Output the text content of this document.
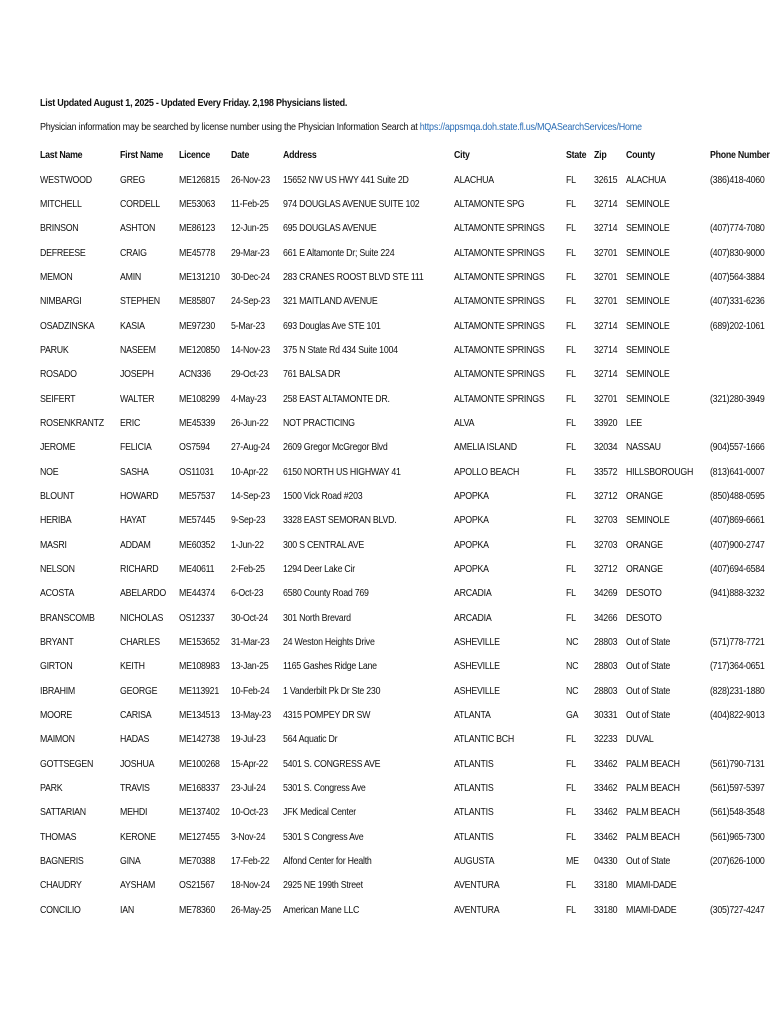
List Updated August 1, 2025 - Updated Every Friday. 2,198 Physicians listed.
Physician information may be searched by license number using the Physician Information Search at https://appsmqa.doh.state.fl.us/MQASearchServices/Home
Last Name	First Name	Licence	Date	Address	City	State	Zip	County	Phone Number
WESTWOOD	GREG	ME126815	26-Nov-23	15652 NW US HWY 441 Suite 2D	ALACHUA	FL	32615	ALACHUA	(386)418-4060
MITCHELL	CORDELL	ME53063	11-Feb-25	974 DOUGLAS AVENUE SUITE 102	ALTAMONTE SPG	FL	32714	SEMINOLE	
BRINSON	ASHTON	ME86123	12-Jun-25	695 DOUGLAS AVENUE	ALTAMONTE SPRINGS	FL	32714	SEMINOLE	(407)774-7080
DEFREESE	CRAIG	ME45778	29-Mar-23	661 E Altamonte Dr; Suite 224	ALTAMONTE SPRINGS	FL	32701	SEMINOLE	(407)830-9000
MEMON	AMIN	ME131210	30-Dec-24	283 CRANES ROOST BLVD STE 111	ALTAMONTE SPRINGS	FL	32701	SEMINOLE	(407)564-3884
NIMBARGI	STEPHEN	ME85807	24-Sep-23	321 MAITLAND AVENUE	ALTAMONTE SPRINGS	FL	32701	SEMINOLE	(407)331-6236
OSADZINSKA	KASIA	ME97230	5-Mar-23	693 Douglas Ave STE 101	ALTAMONTE SPRINGS	FL	32714	SEMINOLE	(689)202-1061
PARUK	NASEEM	ME120850	14-Nov-23	375 N State Rd 434 Suite 1004	ALTAMONTE SPRINGS	FL	32714	SEMINOLE	
ROSADO	JOSEPH	ACN336	29-Oct-23	761 BALSA DR	ALTAMONTE SPRINGS	FL	32714	SEMINOLE	
SEIFERT	WALTER	ME108299	4-May-23	258 EAST ALTAMONTE DR.	ALTAMONTE SPRINGS	FL	32701	SEMINOLE	(321)280-3949
ROSENKRANTZ	ERIC	ME45339	26-Jun-22	NOT PRACTICING	ALVA	FL	33920	LEE	
JEROME	FELICIA	OS7594	27-Aug-24	2609 Gregor McGregor Blvd	AMELIA ISLAND	FL	32034	NASSAU	(904)557-1666
NOE	SASHA	OS11031	10-Apr-22	6150 NORTH US HIGHWAY 41	APOLLO BEACH	FL	33572	HILLSBOROUGH	(813)641-0007
BLOUNT	HOWARD	ME57537	14-Sep-23	1500 Vick Road #203	APOPKA	FL	32712	ORANGE	(850)488-0595
HERIBA	HAYAT	ME57445	9-Sep-23	3328 EAST SEMORAN BLVD.	APOPKA	FL	32703	SEMINOLE	(407)869-6661
MASRI	ADDAM	ME60352	1-Jun-22	300 S CENTRAL AVE	APOPKA	FL	32703	ORANGE	(407)900-2747
NELSON	RICHARD	ME40611	2-Feb-25	1294 Deer Lake Cir	APOPKA	FL	32712	ORANGE	(407)694-6584
ACOSTA	ABELARDO	ME44374	6-Oct-23	6580 County Road 769	ARCADIA	FL	34269	DESOTO	(941)888-3232
BRANSCOMB	NICHOLAS	OS12337	30-Oct-24	301 North Brevard	ARCADIA	FL	34266	DESOTO	
BRYANT	CHARLES	ME153652	31-Mar-23	24 Weston Heights Drive	ASHEVILLE	NC	28803	Out of State	(571)778-7721
GIRTON	KEITH	ME108983	13-Jan-25	1165 Gashes Ridge Lane	ASHEVILLE	NC	28803	Out of State	(717)364-0651
IBRAHIM	GEORGE	ME113921	10-Feb-24	1 Vanderbilt Pk Dr Ste 230	ASHEVILLE	NC	28803	Out of State	(828)231-1880
MOORE	CARISA	ME134513	13-May-23	4315 POMPEY DR SW	ATLANTA	GA	30331	Out of State	(404)822-9013
MAIMON	HADAS	ME142738	19-Jul-23	564 Aquatic Dr	ATLANTIC BCH	FL	32233	DUVAL	
GOTTSEGEN	JOSHUA	ME100268	15-Apr-22	5401 S. CONGRESS AVE	ATLANTIS	FL	33462	PALM BEACH	(561)790-7131
PARK	TRAVIS	ME168337	23-Jul-24	5301 S. Congress Ave	ATLANTIS	FL	33462	PALM BEACH	(561)597-5397
SATTARIAN	MEHDI	ME137402	10-Oct-23	JFK Medical Center	ATLANTIS	FL	33462	PALM BEACH	(561)548-3548
THOMAS	KERONE	ME127455	3-Nov-24	5301 S Congress Ave	ATLANTIS	FL	33462	PALM BEACH	(561)965-7300
BAGNERIS	GINA	ME70388	17-Feb-22	Alfond Center for Health	AUGUSTA	ME	04330	Out of State	(207)626-1000
CHAUDRY	AYSHAM	OS21567	18-Nov-24	2925 NE 199th Street	AVENTURA	FL	33180	MIAMI-DADE	
CONCILIO	IAN	ME78360	26-May-25	American Mane LLC	AVENTURA	FL	33180	MIAMI-DADE	(305)727-4247
